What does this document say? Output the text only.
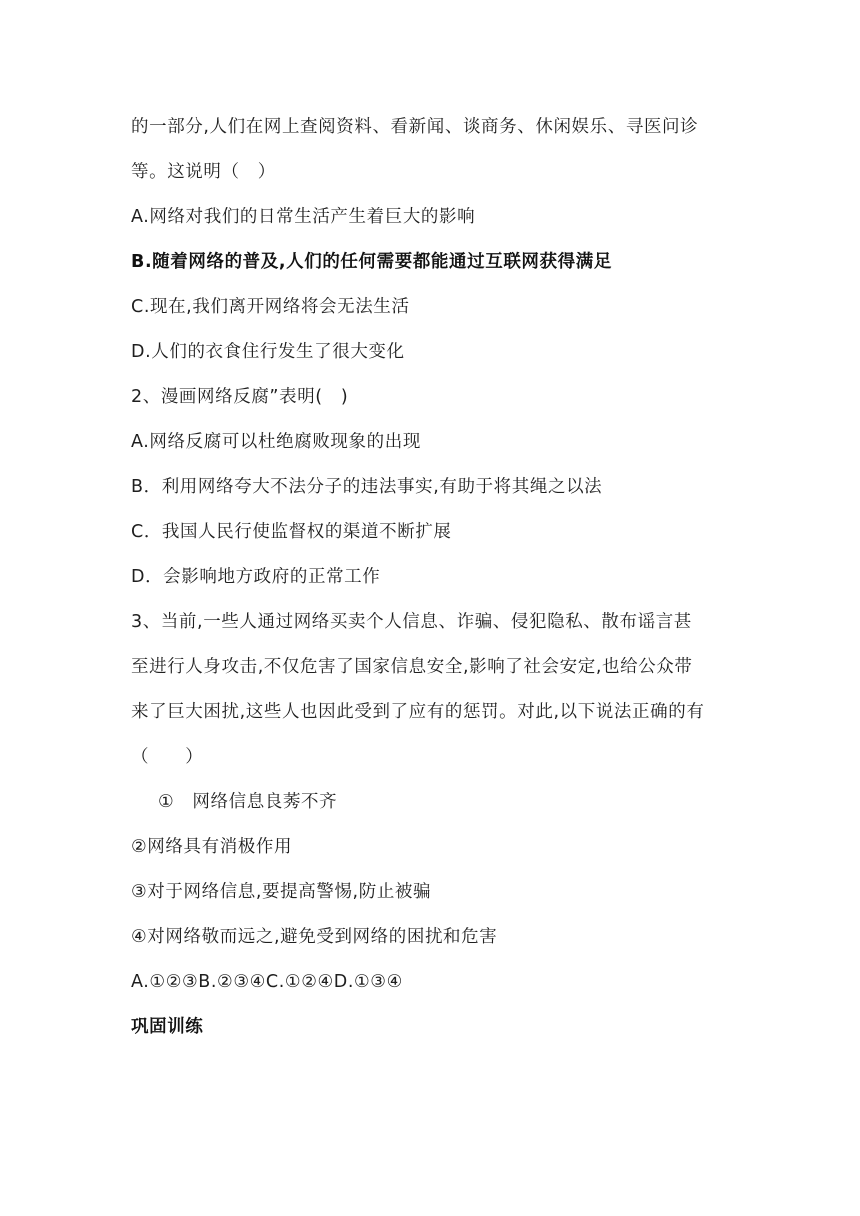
的一部分,人们在网上查阅资料、看新闻、谈商务、休闲娱乐、寻医问诊
等。这说明（　）
A.网络对我们的日常生活产生着巨大的影响
B.随着网络的普及,人们的任何需要都能通过互联网获得满足
C.现在,我们离开网络将会无法生活
D.人们的衣食住行发生了很大变化
2、漫画网络反腐”表明(　)
A.网络反腐可以杜绝腐败现象的出现
B．利用网络夸大不法分子的违法事实,有助于将其绳之以法
C．我国人民行使监督权的渠道不断扩展
D．会影响地方政府的正常工作
3、当前,一些人通过网络买卖个人信息、诈骗、侵犯隐私、散布谣言甚
至进行人身攻击,不仅危害了国家信息安全,影响了社会安定,也给公众带
来了巨大困扰,这些人也因此受到了应有的惩罚。对此,以下说法正确的有
（　　）
①　网络信息良莠不齐
②网络具有消极作用
③对于网络信息,要提高警惕,防止被骗
④对网络敬而远之,避免受到网络的困扰和危害
A.①②③B.②③④C.①②④D.①③④
巩固训练
